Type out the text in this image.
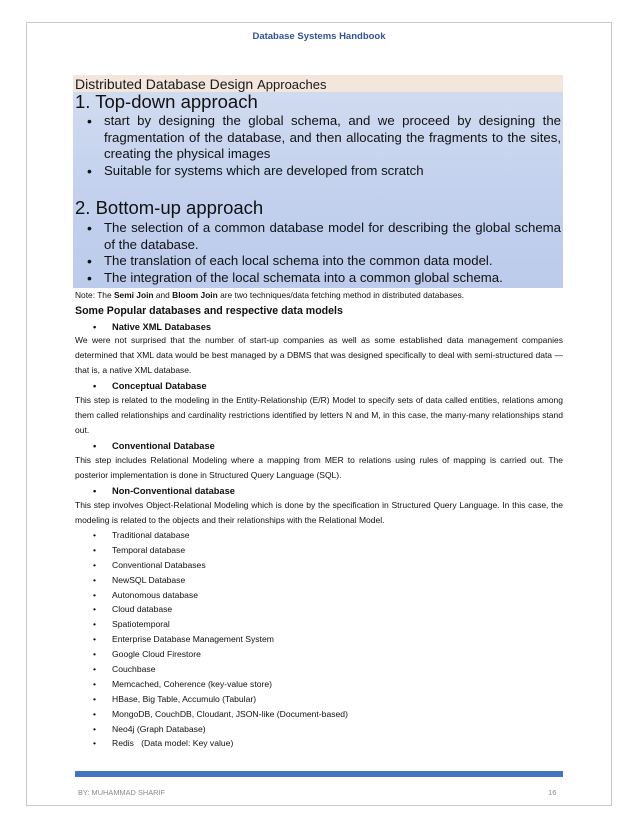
Database Systems Handbook
Distributed Database Design Approaches
1. Top-down approach
• start by designing the global schema, and we proceed by designing the fragmentation of the database, and then allocating the fragments to the sites, creating the physical images
• Suitable for systems which are developed from scratch
2. Bottom-up approach
• The selection of a common database model for describing the global schema of the database.
• The translation of each local schema into the common data model.
• The integration of the local schemata into a common global schema.
Note: The Semi Join and Bloom Join are two techniques/data fetching method in distributed databases.
Some Popular databases and respective data models
• Native XML Databases
We were not surprised that the number of start-up companies as well as some established data management companies determined that XML data would be best managed by a DBMS that was designed specifically to deal with semi-structured data — that is, a native XML database.
• Conceptual Database
This step is related to the modeling in the Entity-Relationship (E/R) Model to specify sets of data called entities, relations among them called relationships and cardinality restrictions identified by letters N and M, in this case, the many-many relationships stand out.
• Conventional Database
This step includes Relational Modeling where a mapping from MER to relations using rules of mapping is carried out. The posterior implementation is done in Structured Query Language (SQL).
• Non-Conventional database
This step involves Object-Relational Modeling which is done by the specification in Structured Query Language. In this case, the modeling is related to the objects and their relationships with the Relational Model.
• Traditional database
• Temporal database
• Conventional Databases
• NewSQL Database
• Autonomous database
• Cloud database
• Spatiotemporal
• Enterprise Database Management System
• Google Cloud Firestore
• Couchbase
• Memcached, Coherence (key-value store)
• HBase, Big Table, Accumulo (Tabular)
• MongoDB, CouchDB, Cloudant, JSON-like (Document-based)
• Neo4j (Graph Database)
• Redis   (Data model: Key value)
BY: MUHAMMAD SHARIF	16
